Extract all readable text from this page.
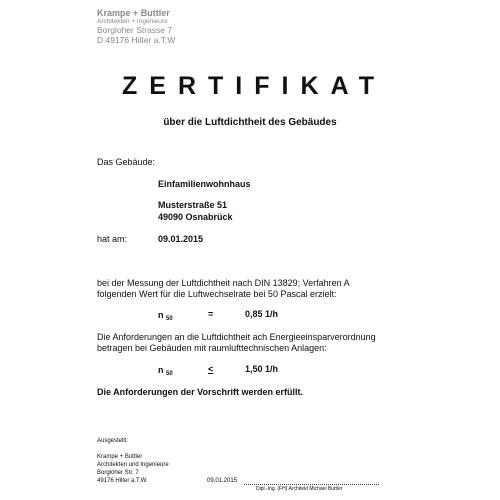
Krampe + Buttler
Architekten + Ingenieure
Borgloher Strasse 7
D 49176 Hilter a.T.W
ZERTIFIKAT
über die Luftdichtheit des Gebäudes
Das Gebäude:
Einfamilienwohnhaus
Musterstraße 51
49090 Osnabrück
hat am:	09.01.2015
bei der Messung der Luftdichtheit nach DIN 13829; Verfahren A
folgenden Wert für die Luftwechselrate bei 50 Pascal erzielt:
n $_{50}$	=	0,85 1/h
Die Anforderungen an die Luftdichtheit ach Energieeinsparverordnung
betragen bei Gebäuden mit raumlufttechnischen Anlagen:
n $_{50}$	<	1,50 1/h
Die Anforderungen der Vorschrift werden erfüllt.
Ausgestellt:
Krampe + Buttler
Architekten und Ingenieure
Borgloher Str. 7
49176 Hilter a.T.W.	09.01.2015
Dipl.-Ing. (FH) Architekt Michael Buttler
